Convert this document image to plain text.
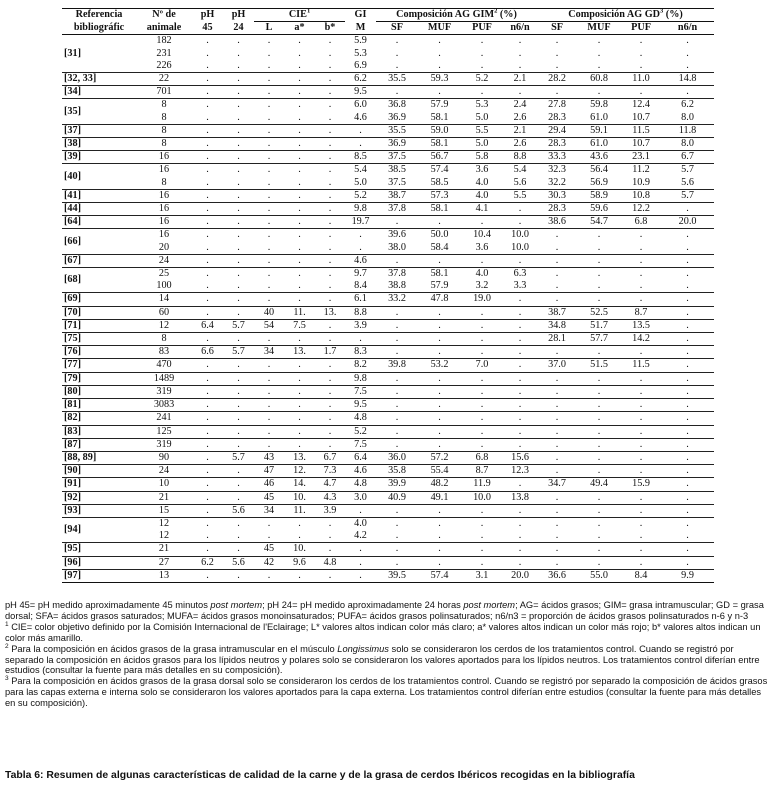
Referencia	Nº de	pH	pH	CIE$^1$			GI	Composición AG GIM$^2$ (%)				Composición AG $GD^3$ (%)			
bibliográfic	animale	45	24	L	a*	b*	M	SF	MUF	PUF	n6/n	SF	MUF	PUF	n6/n
[31]	182	.	.	.	.	.	5.9	.	.	.	.	.	.	.	.
	231	.	.	.	.	.	5.3	.	.	.	.	.	.	.	.
	226	.	.	.	.	.	6.9	.	.	.	.	.	.	.	.
[32, 33]	22	.	.	.	.	.	6.2	35.5	59.3	5.2	2.1	28.2	60.8	11.0	14.8
[34]	701	.	.	.	.	.	9.5	.	.	.	.	.	.	.	.
[35]	8	.	.	.	.	.	6.0	36.8	57.9	5.3	2.4	27.8	59.8	12.4	6.2
	8	.	.	.	.	.	4.6	36.9	58.1	5.0	2.6	28.3	61.0	10.7	8.0
[37]	8	.	.	.	.	.	.	35.5	59.0	5.5	2.1	29.4	59.1	11.5	11.8
[38]	8	.	.	.	.	.	.	36.9	58.1	5.0	2.6	28.3	61.0	10.7	8.0
[39]	16	.	.	.	.	.	8.5	37.5	56.7	5.8	8.8	33.3	43.6	23.1	6.7
[40]	16	.	.	.	.	.	5.4	38.5	57.4	3.6	5.4	32.3	56.4	11.2	5.7
	8	.	.	.	.	.	5.0	37.5	58.5	4.0	5.6	32.2	56.9	10.9	5.6
[41]	16	.	.	.	.	.	5.2	38.7	57.3	4.0	5.5	30.3	58.9	10.8	5.7
[44]	16	.	.	.	.	.	9.8	37.8	58.1	4.1	.	28.3	59.6	12.2	.
[64]	16	.	.	.	.	.	19.7	.	.	.	.	38.6	54.7	6.8	20.0
[66]	16	.	.	.	.	.	.	39.6	50.0	10.4	10.0	.	.	.	.
	20	.	.	.	.	.	.	38.0	58.4	3.6	10.0	.	.	.	.
[67]	24	.	.	.	.	.	4.6	.	.	.	.	.	.	.	.
[68]	25	.	.	.	.	.	9.7	37.8	58.1	4.0	6.3	.	.	.	.
	100	.	.	.	.	.	8.4	38.8	57.9	3.2	3.3	.	.	.	.
[69]	14	.	.	.	.	.	6.1	33.2	47.8	19.0	.	.	.	.	.
[70]	60	.	.	40	11.	13.	8.8	.	.	.	.	38.7	52.5	8.7	.
[71]	12	6.4	5.7	54	7.5	.	3.9	.	.	.	.	34.8	51.7	13.5	.
[75]	8	.	.	.	.	.	.	.	.	.	.	28.1	57.7	14.2	.
[76]	83	6.6	5.7	34	13.	1.7	8.3	.	.	.	.	.	.	.	.
[77]	470	.	.	.	.	.	8.2	39.8	53.2	7.0	.	37.0	51.5	11.5	.
[79]	1489	.	.	.	.	.	9.8	.	.	.	.	.	.	.	.
[80]	319	.	.	.	.	.	7.5	.	.	.	.	.	.	.	.
[81]	3083	.	.	.	.	.	9.5	.	.	.	.	.	.	.	.
[82]	241	.	.	.	.	.	4.8	.	.	.	.	.	.	.	.
[83]	125	.	.	.	.	.	5.2	.	.	.	.	.	.	.	.
[87]	319	.	.	.	.	.	7.5	.	.	.	.	.	.	.	.
[88, 89]	90	.	5.7	43	13.	6.7	6.4	36.0	57.2	6.8	15.6	.	.	.	.
[90]	24	.	.	47	12.	7.3	4.6	35.8	55.4	8.7	12.3	.	.	.	.
[91]	10	.	.	46	14.	4.7	4.8	39.9	48.2	11.9	.	34.7	49.4	15.9	.
[92]	21	.	.	45	10.	4.3	3.0	40.9	49.1	10.0	13.8	.	.	.	.
[93]	15	.	5.6	34	11.	3.9	.	.	.	.	.	.	.	.	.
[94]	12	.	.	.	.	.	4.0	.	.	.	.	.	.	.	.
	12	.	.	.	.	.	4.2	.	.	.	.	.	.	.	.
[95]	21	.	.	45	10.	.	.	.	.	.	.	.	.	.	.
[96]	27	6.2	5.6	42	9.6	4.8	.	.	.	.	.	.	.	.	.
[97]	13	.	.	.	.	.	.	39.5	57.4	3.1	20.0	36.6	55.0	8.4	9.9

pH 45= pH medido aproximadamente 45 minutos post mortem; pH 24= pH medido aproximadamente 24 horas post mortem; AG= ácidos grasos; GIM= grasa intramuscular; GD = grasa dorsal; SFA= ácidos grasos saturados; MUFA= ácidos grasos monoinsaturados; PUFA= ácidos grasos polinsaturados; n6/n3 = proporción de ácidos grasos polinsaturados n-6 y n-3

$^1$ CIE= color objetivo definido por la Comisión Internacional de l'Eclairage; L* valores altos indican color más claro; a* valores altos indican un color más rojo; b* valores altos indican un color más amarillo.

$^2$ Para la composición en ácidos grasos de la grasa intramuscular en el músculo Longissimus solo se consideraron los cerdos de los tratamientos control. Cuando se registró por separado la composición en ácidos grasos para los lípidos neutros y polares solo se consideraron los valores aportados para los lípidos neutros. Los tratamientos control diferían entre estudios (consultar la fuente para más detalles en su composición).

$^3$ Para la composición en ácidos grasos de la grasa dorsal solo se consideraron los cerdos de los tratamientos control. Cuando se registró por separado la composición de ácidos grasos para las capas externa e interna solo se consideraron los valores aportados para la capa externa. Los tratamientos control diferían entre estudios (consultar la fuente para más detalles en su composición).

Tabla 6: Resumen de algunas características de calidad de la carne y de la grasa de cerdos Ibéricos recogidas en la bibliografía
